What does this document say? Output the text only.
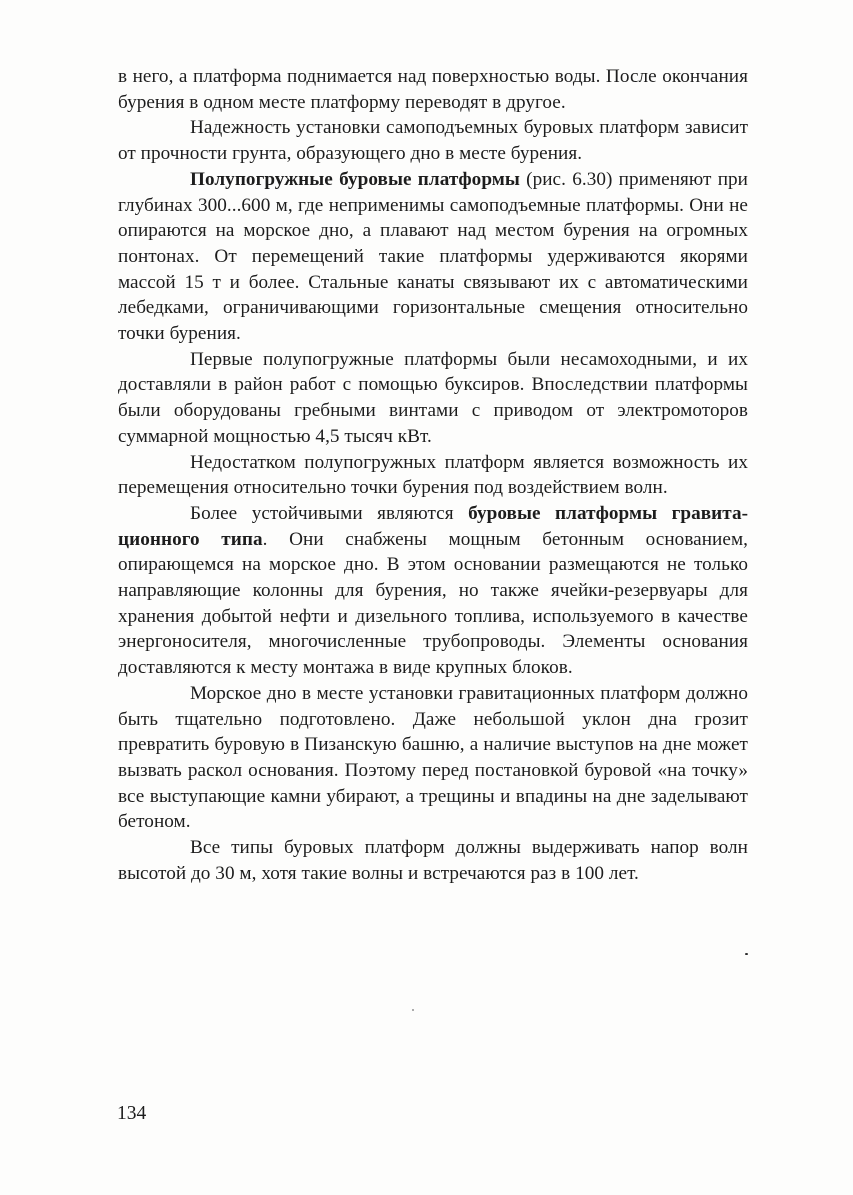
в него, а платформа поднимается над поверхностью воды. После окончания бурения в одном месте платформу переводят в другое.

Надежность установки самоподъемных буровых платформ зависит от прочности грунта, образующего дно в месте бурения.

Полупогружные буровые платформы (рис. 6.30) применяют при глубинах 300...600 м, где неприменимы самоподъемные платформы. Они не опираются на морское дно, а плавают над местом бурения на огромных понтонах. От перемещений такие платформы удерживаются якорями массой 15 т и более. Стальные канаты связывают их с автоматическими лебедками, ограничивающими горизонтальные смещения относительно точки бурения.

Первые полупогружные платформы были несамоходными, и их доставляли в район работ с помощью буксиров. Впоследствии платформы были оборудованы гребными винтами с приводом от электромоторов суммарной мощностью 4,5 тысяч кВт.

Недостатком полупогружных платформ является возможность их перемещения относительно точки бурения под воздействием волн.

Более устойчивыми являются буровые платформы гравитационного типа. Они снабжены мощным бетонным основанием, опирающемся на морское дно. В этом основании размещаются не только направляющие колонны для бурения, но также ячейки-резервуары для хранения добытой нефти и дизельного топлива, используемого в качестве энергоносителя, многочисленные трубопроводы. Элементы основания доставляются к месту монтажа в виде крупных блоков.

Морское дно в месте установки гравитационных платформ должно быть тщательно подготовлено. Даже небольшой уклон дна грозит превратить буровую в Пизанскую башню, а наличие выступов на дне может вызвать раскол основания. Поэтому перед постановкой буровой «на точку» все выступающие камни убирают, а трещины и впадины на дне заделывают бетоном.

Все типы буровых платформ должны выдерживать напор волн высотой до 30 м, хотя такие волны и встречаются раз в 100 лет.

134
